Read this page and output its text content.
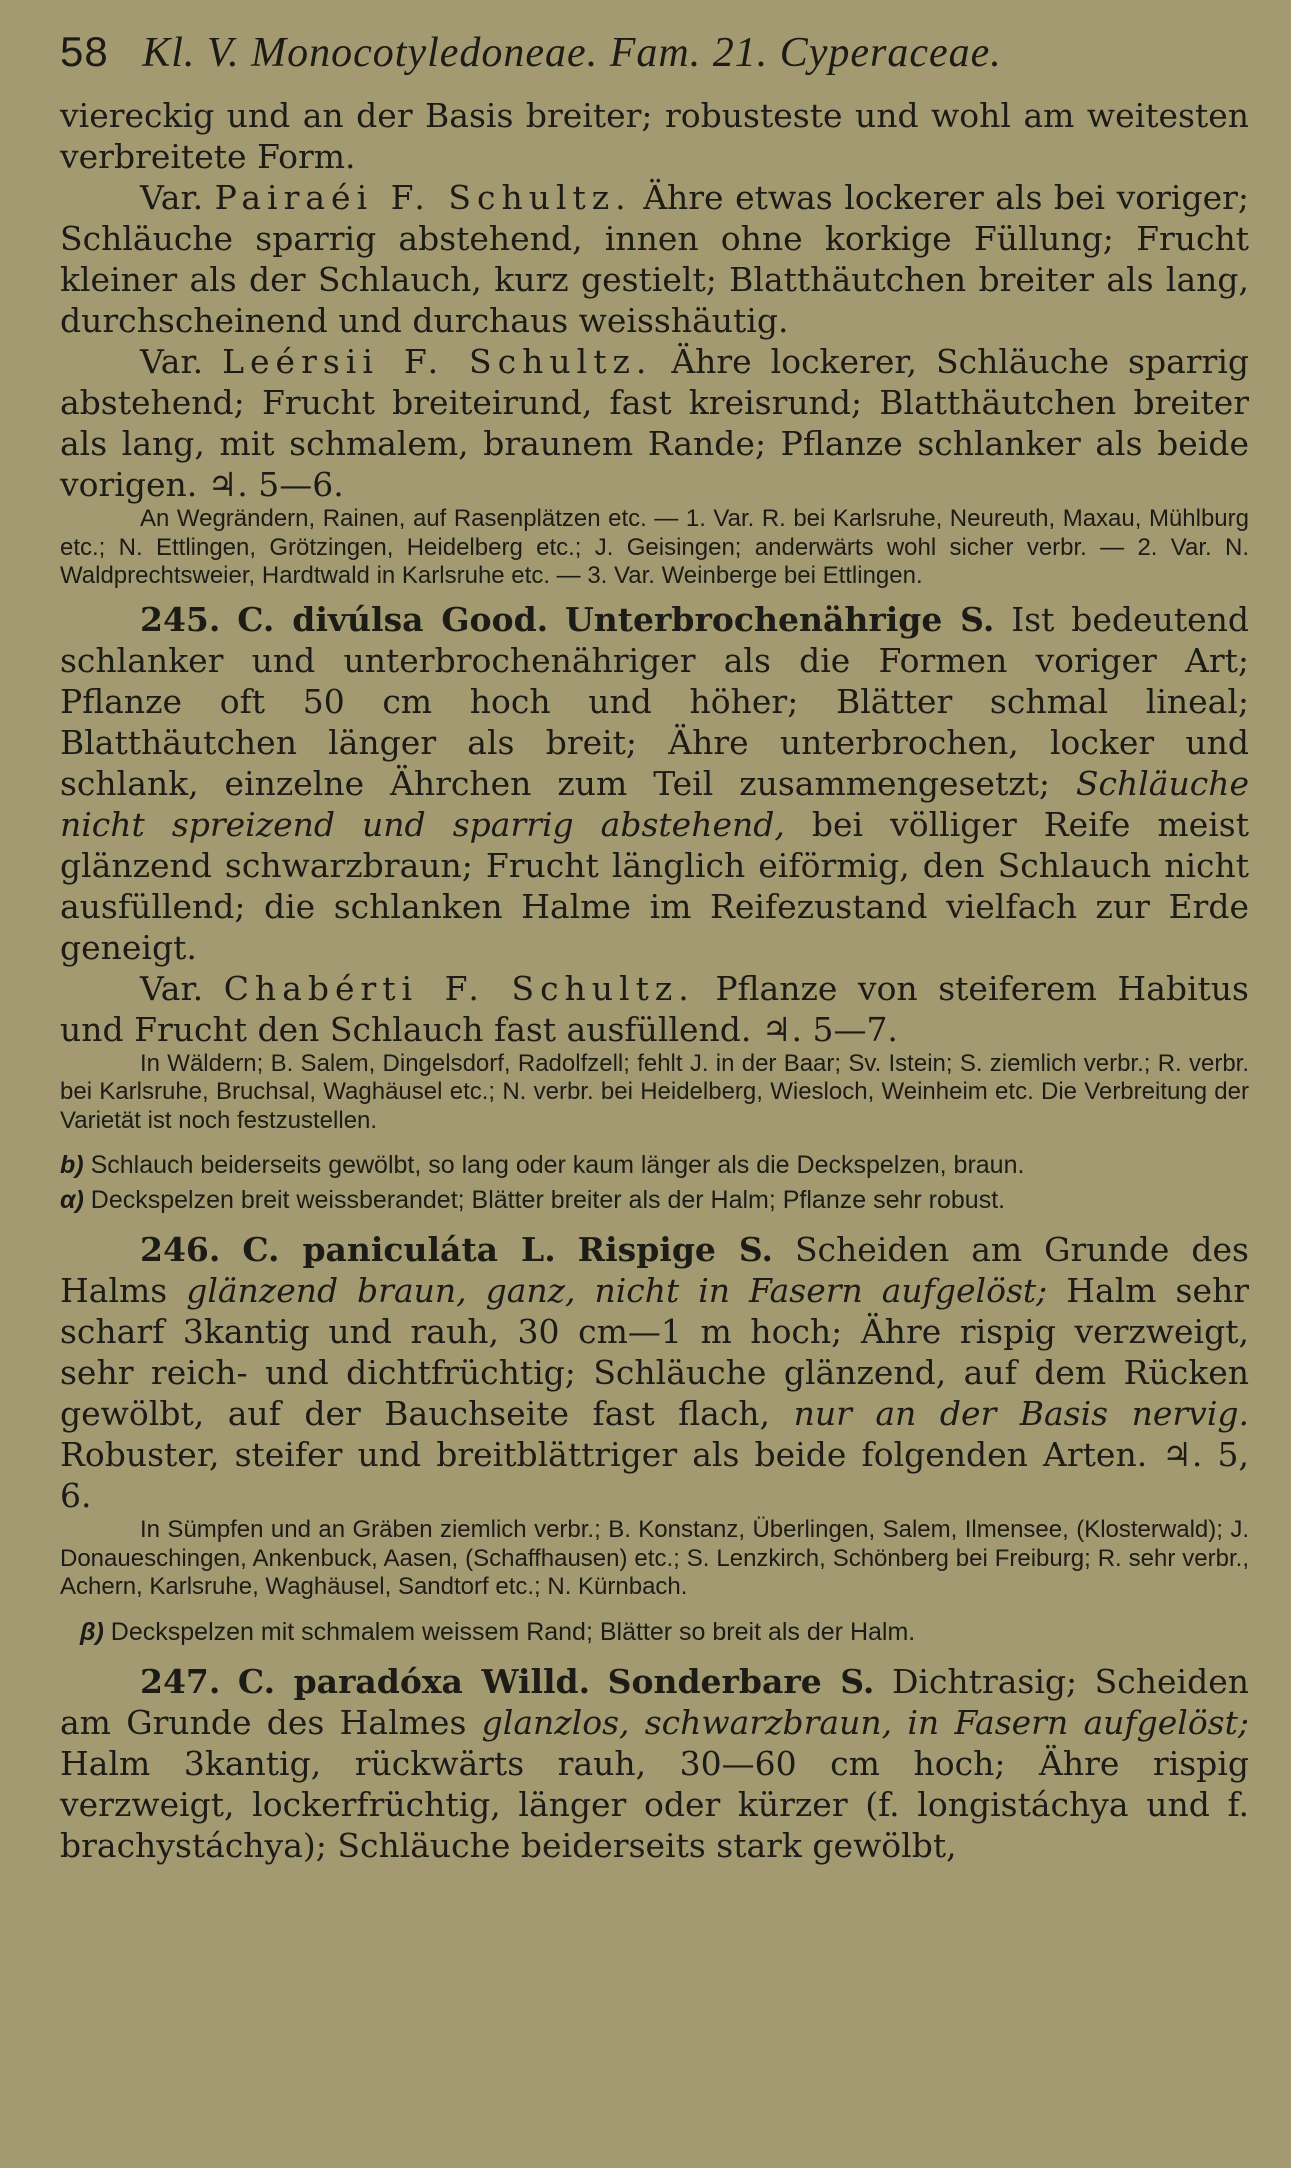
58 Kl. V. Monocotyledoneae. Fam. 21. Cyperaceae.

viereckig und an der Basis breiter; robusteste und wohl am weitesten verbreitete Form.

Var. Pairaéi F. Schultz. Ähre etwas lockerer als bei voriger; Schläuche sparrig abstehend, innen ohne korkige Füllung; Frucht kleiner als der Schlauch, kurz gestielt; Blatthäutchen breiter als lang, durchscheinend und durchaus weisshäutig.

Var. Leérsii F. Schultz. Ähre lockerer, Schläuche sparrig abstehend; Frucht breiteirund, fast kreisrund; Blatthäutchen breiter als lang, mit schmalem, braunem Rande; Pflanze schlanker als beide vorigen. ♃. 5—6.

An Wegrändern, Rainen, auf Rasenplätzen etc. — 1. Var. R. bei Karlsruhe, Neureuth, Maxau, Mühlburg etc.; N. Ettlingen, Grötzingen, Heidelberg etc.; J. Geisingen; anderwärts wohl sicher verbr. — 2. Var. N. Waldprechtsweier, Hardtwald in Karlsruhe etc. — 3. Var. Weinberge bei Ettlingen.

245. C. divúlsa Good. Unterbrochenährige S. Ist bedeutend schlanker und unterbrochenähriger als die Formen voriger Art; Pflanze oft 50 cm hoch und höher; Blätter schmal lineal; Blatthäutchen länger als breit; Ähre unterbrochen, locker und schlank, einzelne Ährchen zum Teil zusammengesetzt; Schläuche nicht spreizend und sparrig abstehend, bei völliger Reife meist glänzend schwarzbraun; Frucht länglich eiförmig, den Schlauch nicht ausfüllend; die schlanken Halme im Reifezustand vielfach zur Erde geneigt.

Var. Chabérti F. Schultz. Pflanze von steiferem Habitus und Frucht den Schlauch fast ausfüllend. ♃. 5—7.

In Wäldern; B. Salem, Dingelsdorf, Radolfzell; fehlt J. in der Baar; Sv. Istein; S. ziemlich verbr.; R. verbr. bei Karlsruhe, Bruchsal, Waghäusel etc.; N. verbr. bei Heidelberg, Wiesloch, Weinheim etc. Die Verbreitung der Varietät ist noch festzustellen.

b) Schlauch beiderseits gewölbt, so lang oder kaum länger als die Deckspelzen, braun.
α) Deckspelzen breit weissberandet; Blätter breiter als der Halm; Pflanze sehr robust.

246. C. paniculáta L. Rispige S. Scheiden am Grunde des Halms glänzend braun, ganz, nicht in Fasern aufgelöst; Halm sehr scharf 3kantig und rauh, 30 cm—1 m hoch; Ähre rispig verzweigt, sehr reich- und dichtfrüchtig; Schläuche glänzend, auf dem Rücken gewölbt, auf der Bauchseite fast flach, nur an der Basis nervig. Robuster, steifer und breitblättriger als beide folgenden Arten. ♃. 5, 6.

In Sümpfen und an Gräben ziemlich verbr.; B. Konstanz, Überlingen, Salem, Ilmensee, (Klosterwald); J. Donaueschingen, Ankenbuck, Aasen, (Schaffhausen) etc.; S. Lenzkirch, Schönberg bei Freiburg; R. sehr verbr., Achern, Karlsruhe, Waghäusel, Sandtorf etc.; N. Kürnbach.

β) Deckspelzen mit schmalem weissem Rand; Blätter so breit als der Halm.

247. C. paradóxa Willd. Sonderbare S. Dichtrasig; Scheiden am Grunde des Halmes glanzlos, schwarzbraun, in Fasern aufgelöst; Halm 3kantig, rückwärts rauh, 30—60 cm hoch; Ähre rispig verzweigt, lockerfrüchtig, länger oder kürzer (f. longistáchya und f. brachystáchya); Schläuche beiderseits stark gewölbt,
